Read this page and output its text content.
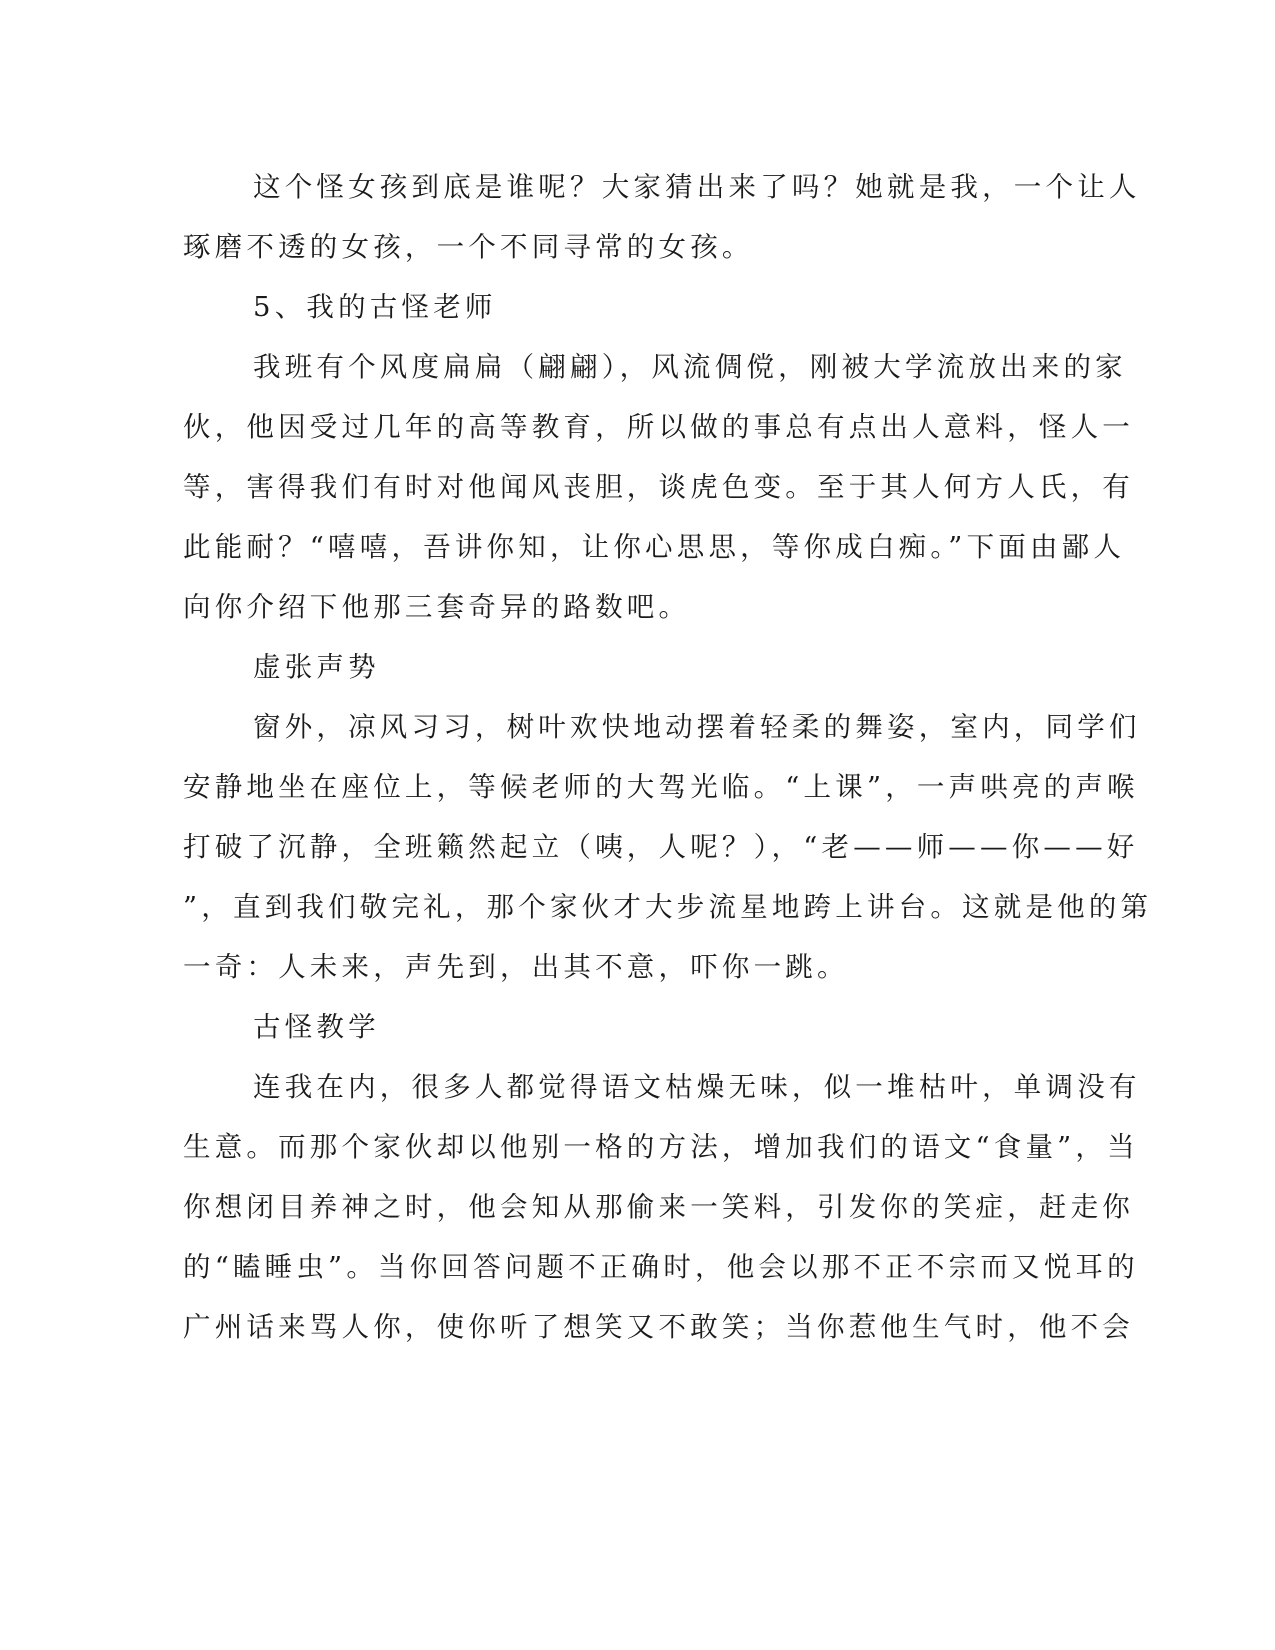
这个怪女孩到底是谁呢？大家猜出来了吗？她就是我，一个让人
琢磨不透的女孩，一个不同寻常的女孩。
5、我的古怪老师
我班有个风度扁扁（翩翩），风流倜傥，刚被大学流放出来的家
伙，他因受过几年的高等教育，所以做的事总有点出人意料，怪人一
等，害得我们有时对他闻风丧胆，谈虎色变。至于其人何方人氏，有
此能耐？“嘻嘻，吾讲你知，让你心思思，等你成白痴。”下面由鄙人
向你介绍下他那三套奇异的路数吧。
虚张声势
窗外，凉风习习，树叶欢快地动摆着轻柔的舞姿，室内，同学们
安静地坐在座位上，等候老师的大驾光临。“上课”，一声哄亮的声喉
打破了沉静，全班籁然起立（咦，人呢？），“老——师——你——好
”，直到我们敬完礼，那个家伙才大步流星地跨上讲台。这就是他的第
一奇：人未来，声先到，出其不意，吓你一跳。
古怪教学
连我在内，很多人都觉得语文枯燥无味，似一堆枯叶，单调没有
生意。而那个家伙却以他别一格的方法，增加我们的语文“食量”，当
你想闭目养神之时，他会知从那偷来一笑料，引发你的笑症，赶走你
的“瞌睡虫”。当你回答问题不正确时，他会以那不正不宗而又悦耳的
广州话来骂人你，使你听了想笑又不敢笑；当你惹他生气时，他不会
